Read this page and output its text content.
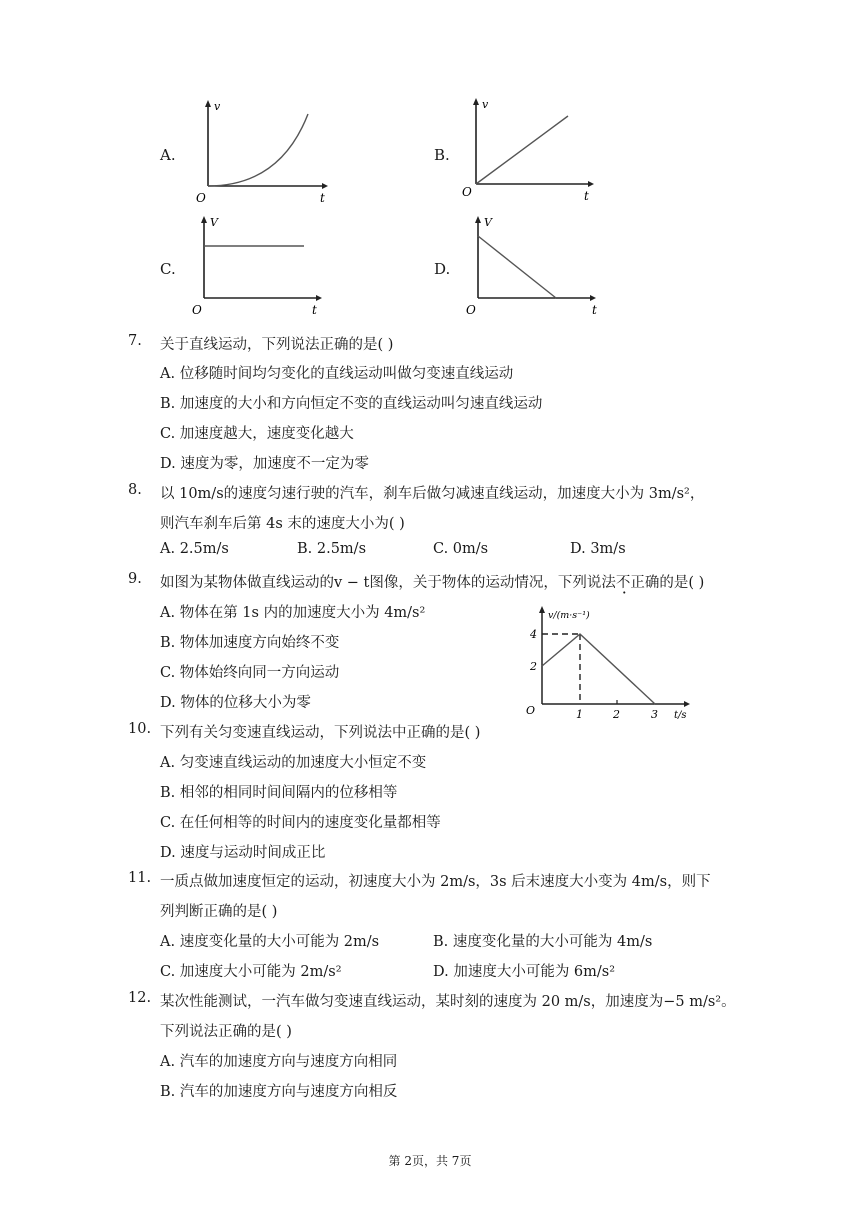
A.	B.
C.	D.
v
O	t
v
O	t
V
O	t
V
O	t
7. 关于直线运动，下列说法正确的是( )
A. 位移随时间均匀变化的直线运动叫做匀变速直线运动
B. 加速度的大小和方向恒定不变的直线运动叫匀速直线运动
C. 加速度越大，速度变化越大
D. 速度为零，加速度不一定为零
8. 以 10m/s的速度匀速行驶的汽车，刹车后做匀减速直线运动，加速度大小为 3m/s²，
则汽车刹车后第 4s 末的速度大小为( )
A. 2.5m/s	B. 2.5m/s	C. 0m/s	D. 3m/s
9. 如图为某物体做直线运动的v − t图像，关于物体的运动情况，下列说法不正确的是( )
A. 物体在第 1s 内的加速度大小为 4m/s²
B. 物体加速度方向始终不变
C. 物体始终向同一方向运动
D. 物体的位移大小为零
v/(m·s⁻¹)
2
4
O	1	2	3 t/s
10. 下列有关匀变速直线运动，下列说法中正确的是( )
A. 匀变速直线运动的加速度大小恒定不变
B. 相邻的相同时间间隔内的位移相等
C. 在任何相等的时间内的速度变化量都相等
D. 速度与运动时间成正比
11. 一质点做加速度恒定的运动，初速度大小为 2m/s，3s 后末速度大小变为 4m/s，则下
列判断正确的是( )
A. 速度变化量的大小可能为 2m/s	B. 速度变化量的大小可能为 4m/s
C. 加速度大小可能为 2m/s²	D. 加速度大小可能为 6m/s²
12. 某次性能测试，一汽车做匀变速直线运动，某时刻的速度为 20 m/s，加速度为−5 m/s²。
下列说法正确的是( )
A. 汽车的加速度方向与速度方向相同
B. 汽车的加速度方向与速度方向相反
第 2页，共 7页
